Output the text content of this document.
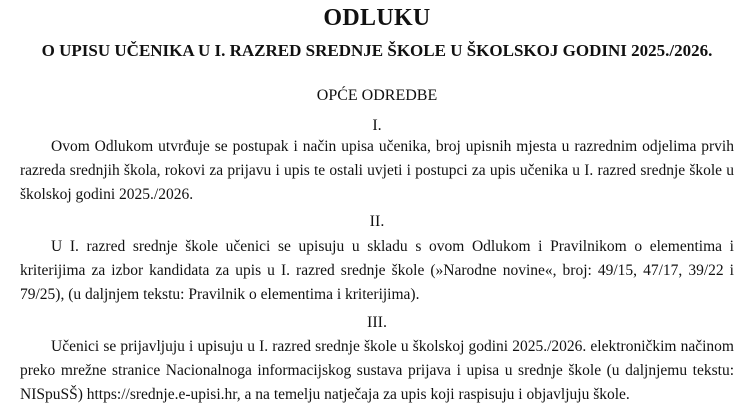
ODLUKU
O UPISU UČENIKA U I. RAZRED SREDNJE ŠKOLE U ŠKOLSKOJ GODINI 2025./2026.
OPĆE ODREDBE
I.

Ovom Odlukom utvrđuje se postupak i način upisa učenika, broj upisnih mjesta u razrednim odjelima prvih razreda srednjih škola, rokovi za prijavu i upis te ostali uvjeti i postupci za upis učenika u I. razred srednje škole u školskoj godini 2025./2026.

II.

U I. razred srednje škole učenici se upisuju u skladu s ovom Odlukom i Pravilnikom o elementima i kriterijima za izbor kandidata za upis u I. razred srednje škole (»Narodne novine«, broj: 49/15, 47/17, 39/22 i 79/25), (u daljnjem tekstu: Pravilnik o elementima i kriterijima).

III.

Učenici se prijavljuju i upisuju u I. razred srednje škole u školskoj godini 2025./2026. elektroničkim načinom preko mrežne stranice Nacionalnoga informacijskog sustava prijava i upisa u srednje škole (u daljnjemu tekstu: NISpuSŠ) https://srednje.e-upisi.hr, a na temelju natječaja za upis koji raspisuju i objavljuju škole.
